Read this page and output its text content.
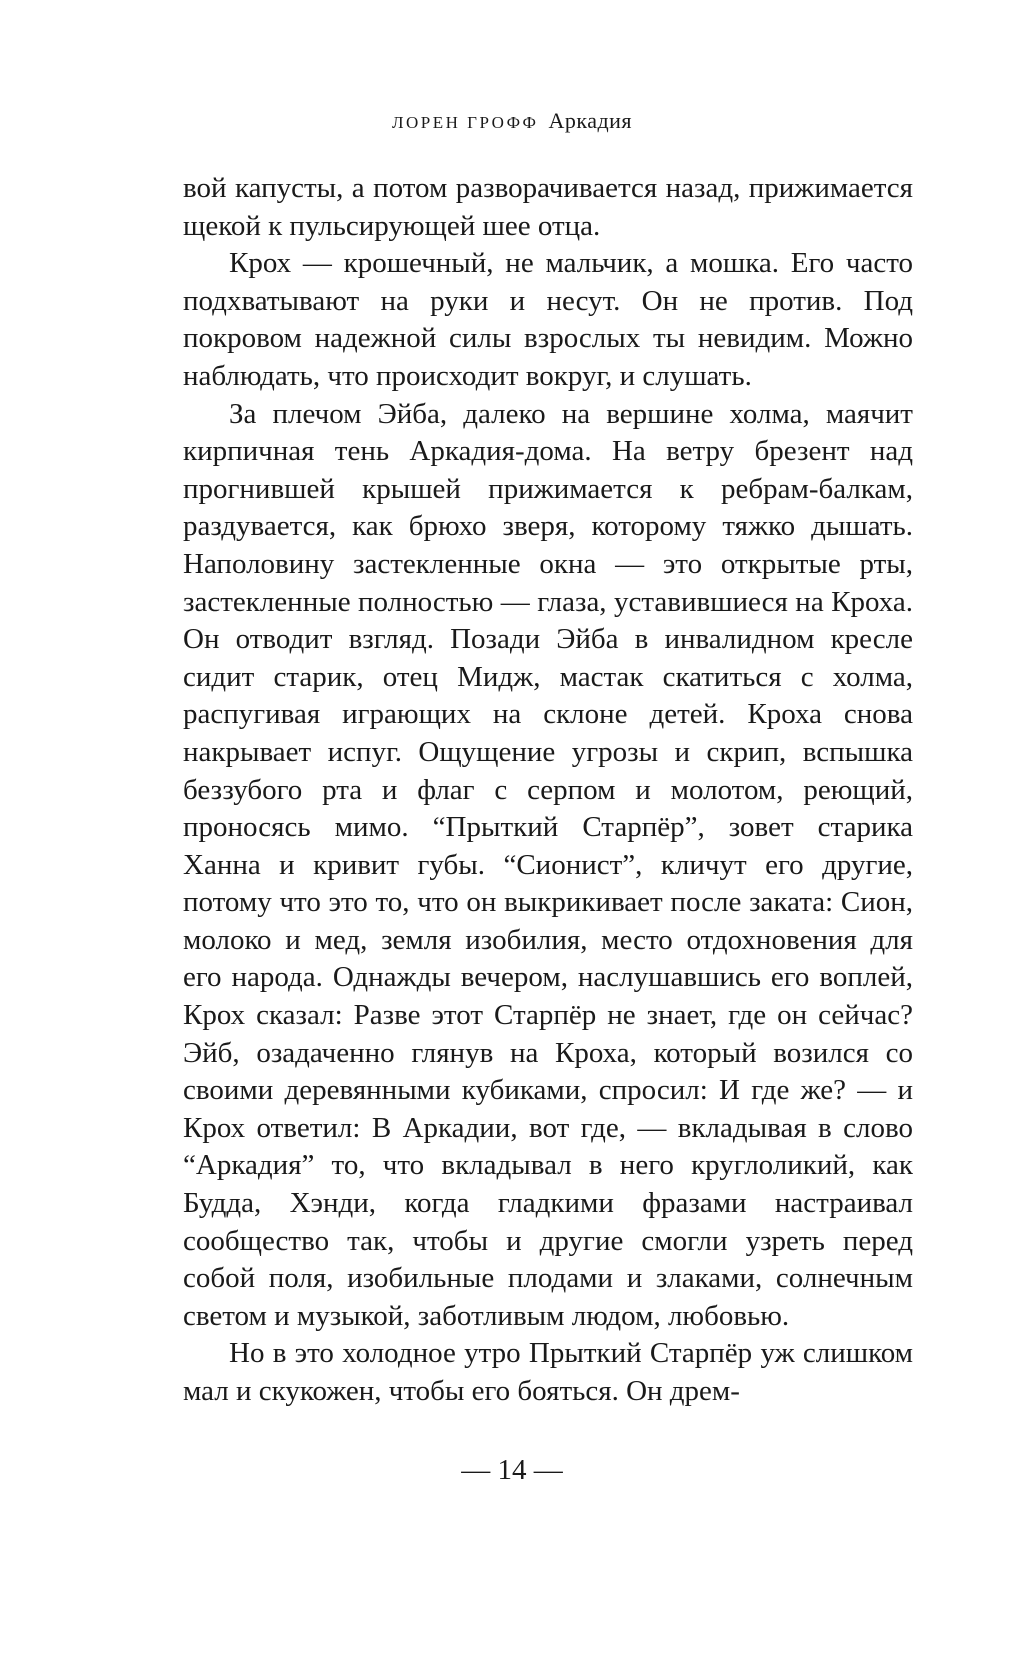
ЛОРЕН ГРОФФ Аркадия

вой капусты, а потом разворачивается назад, прижимается щекой к пульсирующей шее отца.

Крох — крошечный, не мальчик, а мошка. Его часто подхватывают на руки и несут. Он не против. Под покровом надежной силы взрослых ты невидим. Можно наблюдать, что происходит вокруг, и слушать.

За плечом Эйба, далеко на вершине холма, маячит кирпичная тень Аркадия-дома. На ветру брезент над прогнившей крышей прижимается к ребрам-балкам, раздувается, как брюхо зверя, которому тяжко дышать. Наполовину застекленные окна — это открытые рты, застекленные полностью — глаза, уставившиеся на Кроха. Он отводит взгляд. Позади Эйба в инвалидном кресле сидит старик, отец Мидж, мастак скатиться с холма, распугивая играющих на склоне детей. Кроха снова накрывает испуг. Ощущение угрозы и скрип, вспышка беззубого рта и флаг с серпом и молотом, реющий, проносясь мимо. “Прыткий Старпёр”, зовет старика Ханна и кривит губы. “Сионист”, кличут его другие, потому что это то, что он выкрикивает после заката: Сион, молоко и мед, земля изобилия, место отдохновения для его народа. Однажды вечером, наслушавшись его воплей, Крох сказал: Разве этот Старпёр не знает, где он сейчас? Эйб, озадаченно глянув на Кроха, который возился со своими деревянными кубиками, спросил: И где же? — и Крох ответил: В Аркадии, вот где, — вкладывая в слово “Аркадия” то, что вкладывал в него круглоликий, как Будда, Хэнди, когда гладкими фразами настраивал сообщество так, чтобы и другие смогли узреть перед собой поля, изобильные плодами и злаками, солнечным светом и музыкой, заботливым людом, любовью.

Но в это холодное утро Прыткий Старпёр уж слишком мал и скукожен, чтобы его бояться. Он дрем-

— 14 —
